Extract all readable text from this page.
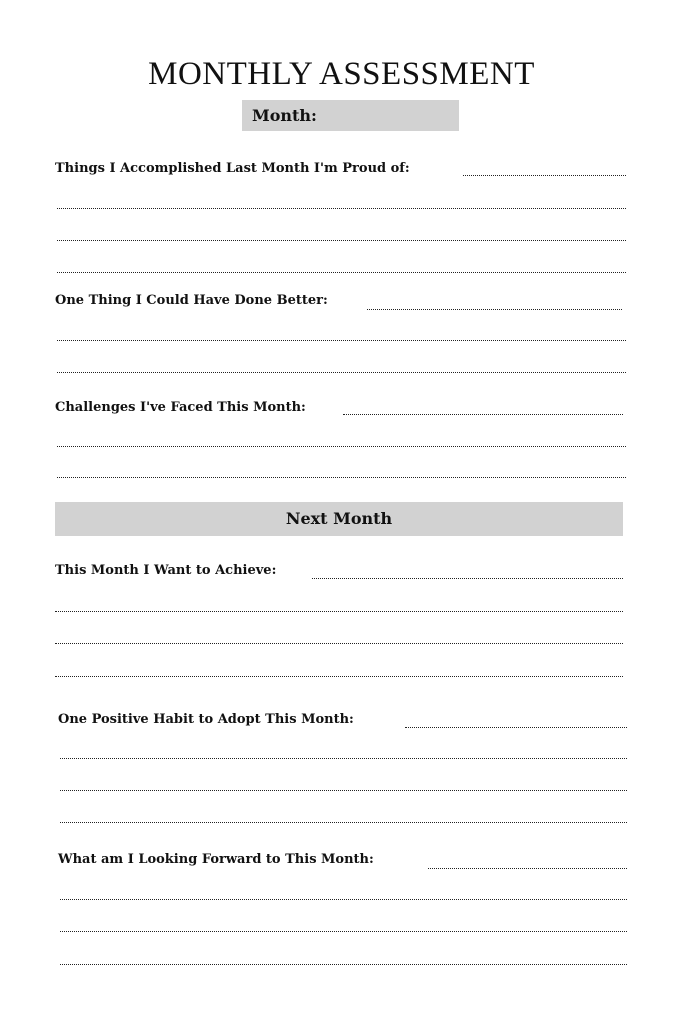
MONTHLY ASSESSMENT
Month:
Things I Accomplished Last Month I'm Proud of:
One Thing I Could Have Done Better:
Challenges I've Faced This Month:
Next Month
This Month I Want to Achieve:
One Positive Habit to Adopt This Month:
What am I Looking Forward to This Month:
